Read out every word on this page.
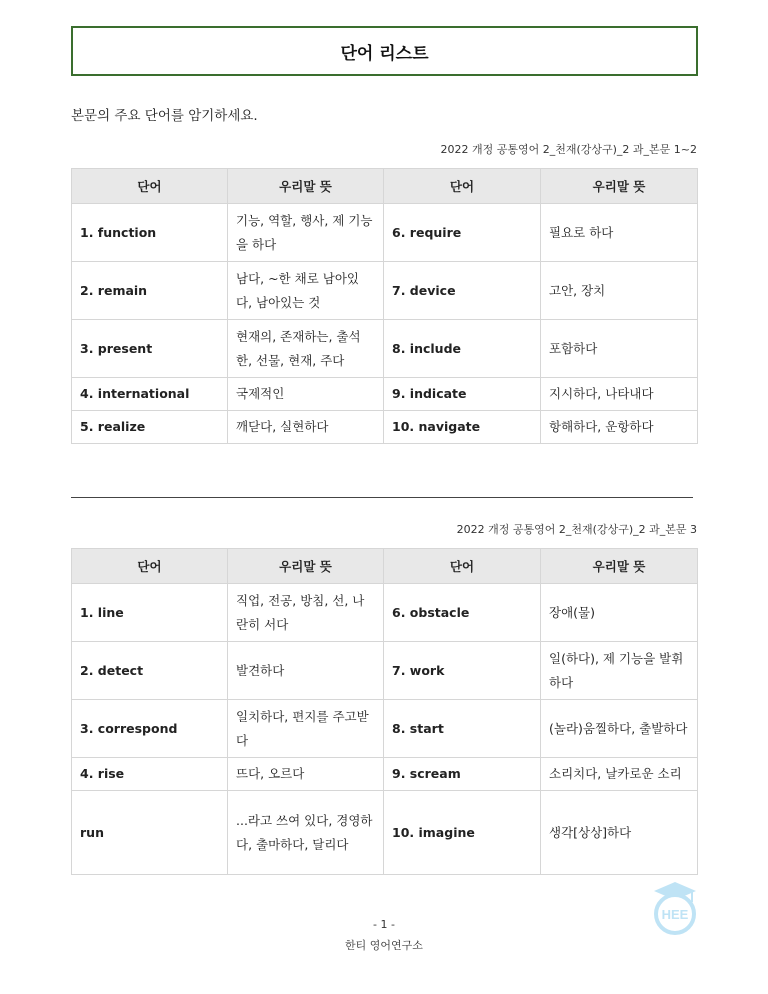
단어 리스트
본문의 주요 단어를 암기하세요.
2022 개정 공통영어 2_천재(강상구)_2 과_본문 1~2
단어	우리말 뜻	단어	우리말 뜻
1. function	기능, 역할, 행사, 제 기능을 하다	6. require	필요로 하다
2. remain	남다, ~한 채로 남아있다, 남아있는 것	7. device	고안, 장치
3. present	현재의, 존재하는, 출석한, 선물, 현재, 주다	8. include	포함하다
4. international	국제적인	9. indicate	지시하다, 나타내다
5. realize	깨닫다, 실현하다	10. navigate	항해하다, 운항하다
2022 개정 공통영어 2_천재(강상구)_2 과_본문 3
단어	우리말 뜻	단어	우리말 뜻
1. line	직업, 전공, 방침, 선, 나란히 서다	6. obstacle	장애(물)
2. detect	발견하다	7. work	일(하다), 제 기능을 발휘하다
3. correspond	일치하다, 편지를 주고받다	8. start	(놀라)움찔하다, 출발하다
4. rise	뜨다, 오르다	9. scream	소리치다, 날카로운 소리
run	...라고 쓰여 있다, 경영하다, 출마하다, 달리다	10. imagine	생각[상상]하다
HEE
- 1 -
한티 영어연구소
